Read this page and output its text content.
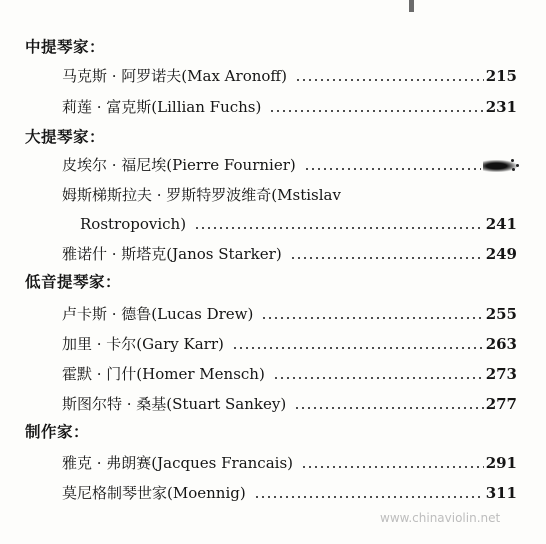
中提琴家：
马克斯 · 阿罗诺夫(Max Aronoff)	215
莉莲 · 富克斯(Lillian Fuchs)	231
大提琴家：
皮埃尔 · 福尼埃(Pierre Fournier)
姆斯梯斯拉夫 · 罗斯特罗波维奇(Mstislav
Rostropovich)	241
雅诺什 · 斯塔克(Janos Starker)	249
低音提琴家：
卢卡斯 · 德鲁(Lucas Drew)	255
加里 · 卡尔(Gary Karr)	263
霍默 · 门什(Homer Mensch)	273
斯图尔特 · 桑基(Stuart Sankey)	277
制作家：
雅克 · 弗朗赛(Jacques Francais)	291
莫尼格制琴世家(Moennig)	311
www.chinaviolin.net
